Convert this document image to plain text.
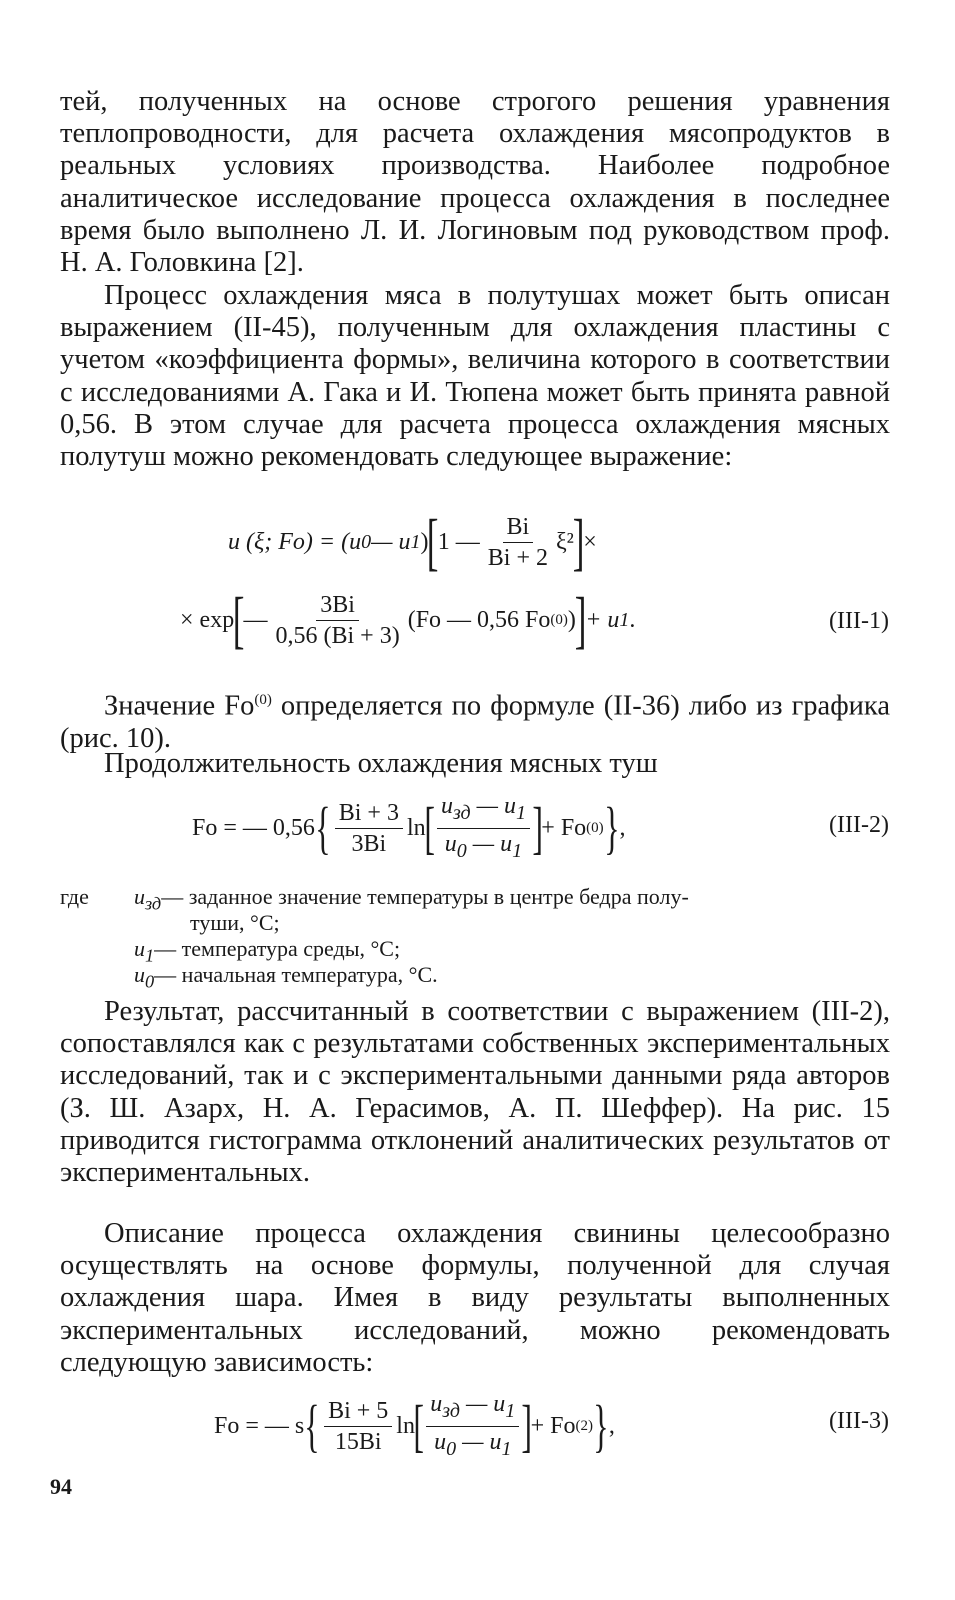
тей, полученных на основе строгого решения уравнения теплопроводности, для расчета охлаждения мясопродуктов в реальных условиях производства. Наиболее подробное аналитическое исследование процесса охлаждения в последнее время было выполнено Л. И. Логиновым под руководством проф. Н. А. Головкина [2].

Процесс охлаждения мяса в полутушах может быть описан выражением (II-45), полученным для охлаждения пластины с учетом «коэффициента формы», величина которого в соответствии с исследованиями А. Гака и И. Тюпена может быть принята равной 0,56. В этом случае для расчета процесса охлаждения мясных полутуш можно рекомендовать следующее выражение:

u (ξ; Fo) = (u 0 — u 1 )
[
1 — $\frac{Bi}{Bi + 2} \xi^2$
]
×
× exp
[
— $\frac{3Bi}{0,56 (Bi + 3)} (Fo$ — 0,56 Fo (0) )
]
+ u 1 .	(III-1)

Значение Fo$^{(0)}$ определяется по формуле (II-36) либо из графика (рис. 10).

Продолжительность охлаждения мясных туш

Fo = — 0,56 { $\frac{Bi + 3}{3Bi}$ ln
[ $\frac{u_{зд} — u_1}{u_0 — u_1}$ ]
+ Fo (0) } ,	(III-2)
где $u_{зд}—$ заданное значение температуры в центре бедра полу-
туши, °С;
$u_1—$ температура среды, °С;
$u_0—$ начальная температура, °С.

Результат, рассчитанный в соответствии с выражением (III-2), сопоставлялся как с результатами собственных экспериментальных исследований, так и с экспериментальными данными ряда авторов (З. Ш. Азарх, Н. А. Герасимов, А. П. Шеффер). На рис. 15 приводится гистограмма отклонений аналитических результатов от экспериментальных.

Описание процесса охлаждения свинины целесообразно осуществлять на основе формулы, полученной для случая охлаждения шара. Имея в виду результаты выполненных экспериментальных исследований, можно рекомендовать следующую зависимость:

Fo = — s { $\frac{Bi + 5}{15Bi}$ ln
[ $\frac{u_{зд} — u_1}{u_0 — u_1}$ ]
+ Fo (2) } ,	(III-3)
94
